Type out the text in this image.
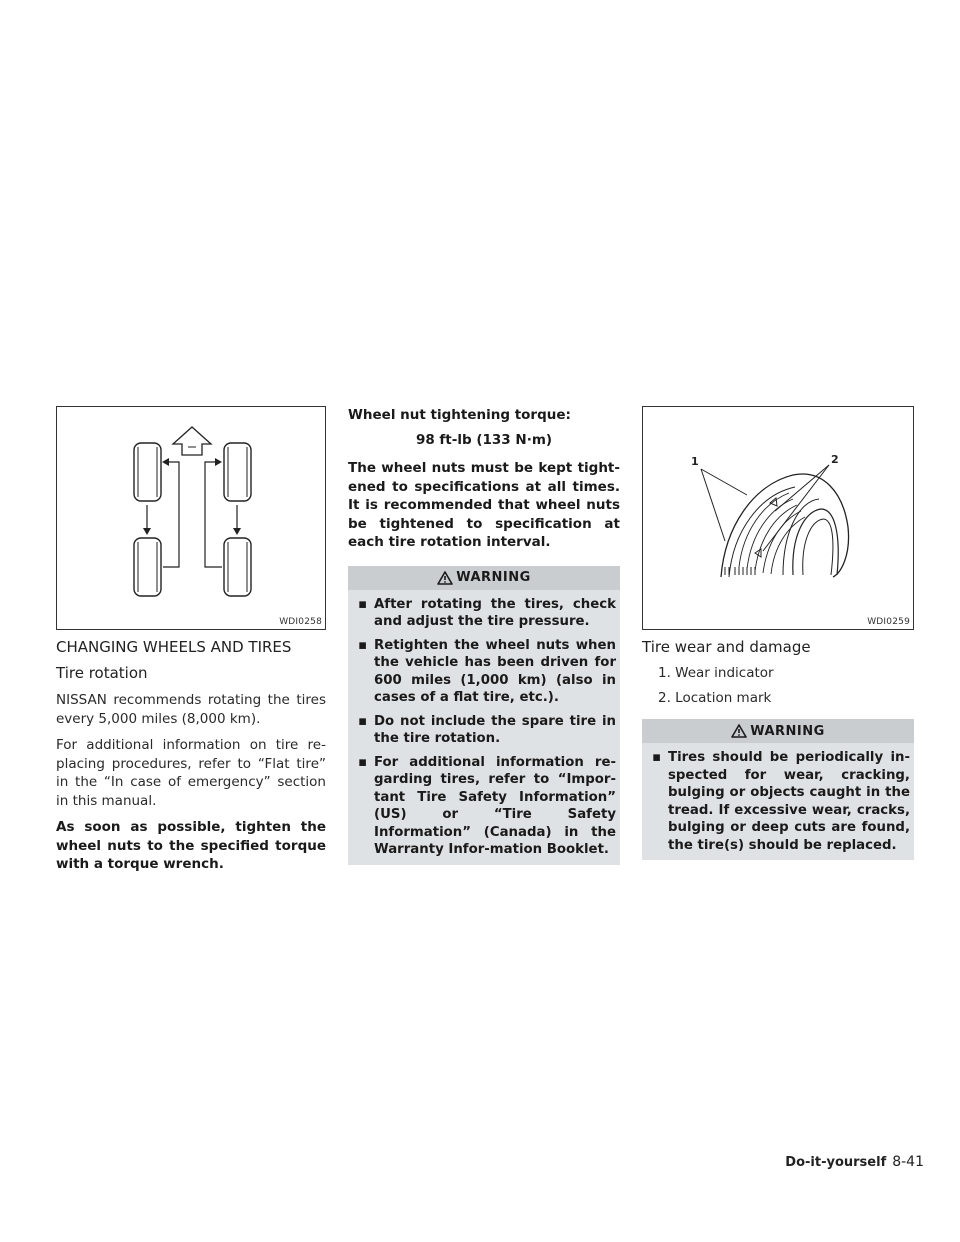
WDI0258
CHANGING WHEELS AND TIRES
Tire rotation
NISSAN recommends rotating the tires every 5,000 miles (8,000 km).
For additional information on tire re-placing procedures, refer to “Flat tire” in the “In case of emergency” section in this manual.
As soon as possible, tighten the wheel nuts to the specified torque with a torque wrench.
Wheel nut tightening torque:
98 ft-lb (133 N·m)
The wheel nuts must be kept tight-ened to specifications at all times. It is recommended that wheel nuts be tightened to specification at each tire rotation interval.
WARNING
▪ After rotating the tires, check and adjust the tire pressure.
▪ Retighten the wheel nuts when the vehicle has been driven for 600 miles (1,000 km) (also in cases of a flat tire, etc.).
▪ Do not include the spare tire in the tire rotation.
▪ For additional information re-garding tires, refer to “Impor-tant Tire Safety Information” (US) or “Tire Safety Information” (Canada) in the Warranty Infor-mation Booklet.
1	2
WDI0259
Tire wear and damage
1. Wear indicator
2. Location mark
WARNING
▪ Tires should be periodically in-spected for wear, cracking, bulging or objects caught in the tread. If excessive wear, cracks, bulging or deep cuts are found, the tire(s) should be replaced.
Do-it-yourself 8-41
